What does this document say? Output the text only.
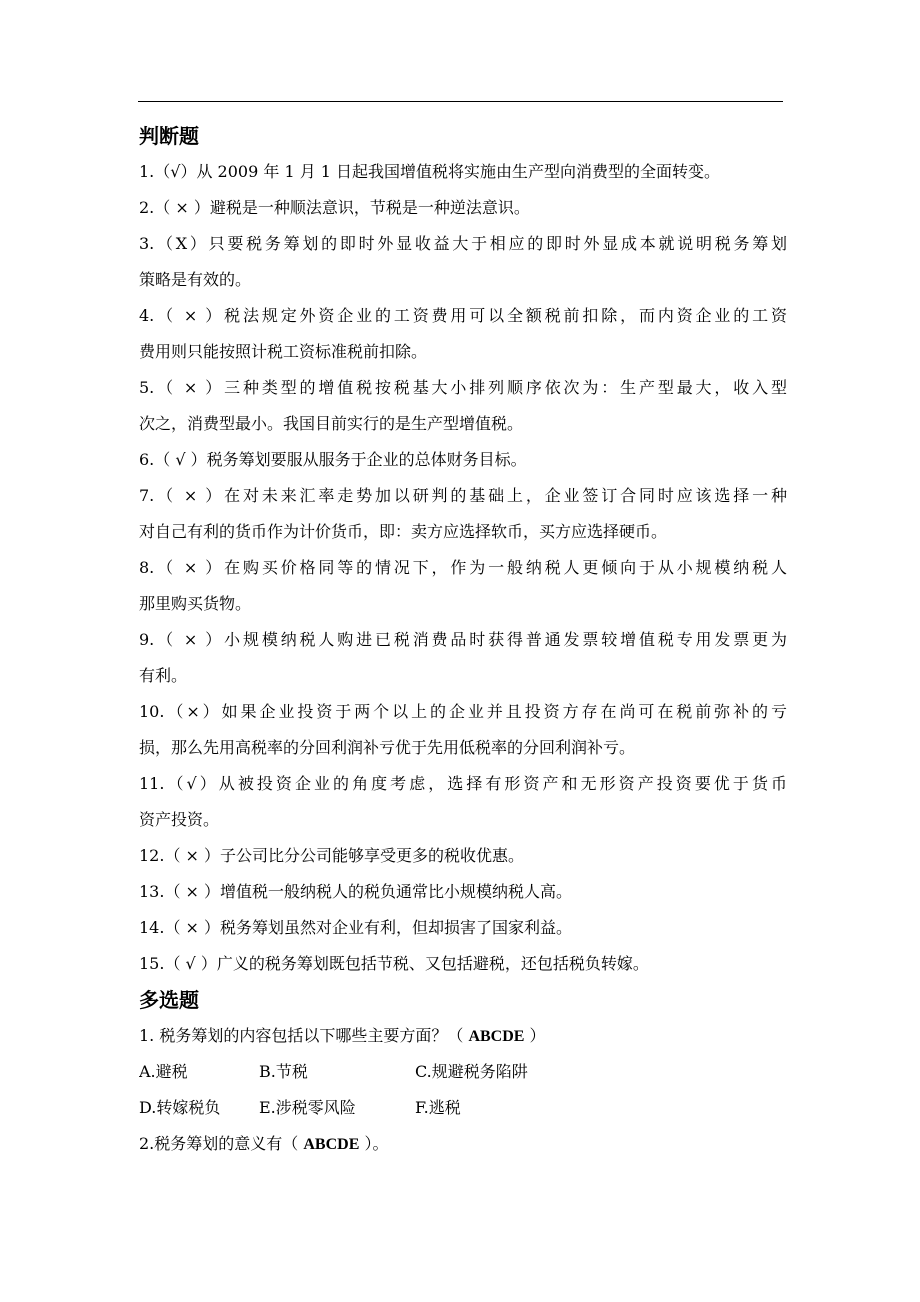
判断题
1.（√）从 2009 年 1 月 1 日起我国增值税将实施由生产型向消费型的全面转变。
2.（ × ）避税是一种顺法意识，节税是一种逆法意识。
3.（X）只要税务筹划的即时外显收益大于相应的即时外显成本就说明税务筹划
策略是有效的。
4.（ × ）税法规定外资企业的工资费用可以全额税前扣除，而内资企业的工资
费用则只能按照计税工资标准税前扣除。
5.（ × ）三种类型的增值税按税基大小排列顺序依次为：生产型最大，收入型
次之，消费型最小。我国目前实行的是生产型增值税。
6.（ √ ）税务筹划要服从服务于企业的总体财务目标。
7.（ × ）在对未来汇率走势加以研判的基础上，企业签订合同时应该选择一种
对自己有利的货币作为计价货币，即：卖方应选择软币，买方应选择硬币。
8.（ × ）在购买价格同等的情况下，作为一般纳税人更倾向于从小规模纳税人
那里购买货物。
9.（ × ）小规模纳税人购进已税消费品时获得普通发票较增值税专用发票更为
有利。
10.（×）如果企业投资于两个以上的企业并且投资方存在尚可在税前弥补的亏
损，那么先用高税率的分回利润补亏优于先用低税率的分回利润补亏。
11.（√）从被投资企业的角度考虑，选择有形资产和无形资产投资要优于货币
资产投资。
12.（ × ）子公司比分公司能够享受更多的税收优惠。
13.（ × ）增值税一般纳税人的税负通常比小规模纳税人高。
14.（ × ）税务筹划虽然对企业有利，但却损害了国家利益。
15.（ √ ）广义的税务筹划既包括节税、又包括避税，还包括税负转嫁。
多选题
1. 税务筹划的内容包括以下哪些主要方面？（ ABCDE ）
A.避税	B.节税	C.规避税务陷阱
D.转嫁税负	E.涉税零风险	F.逃税
2.税务筹划的意义有（ ABCDE ）。
